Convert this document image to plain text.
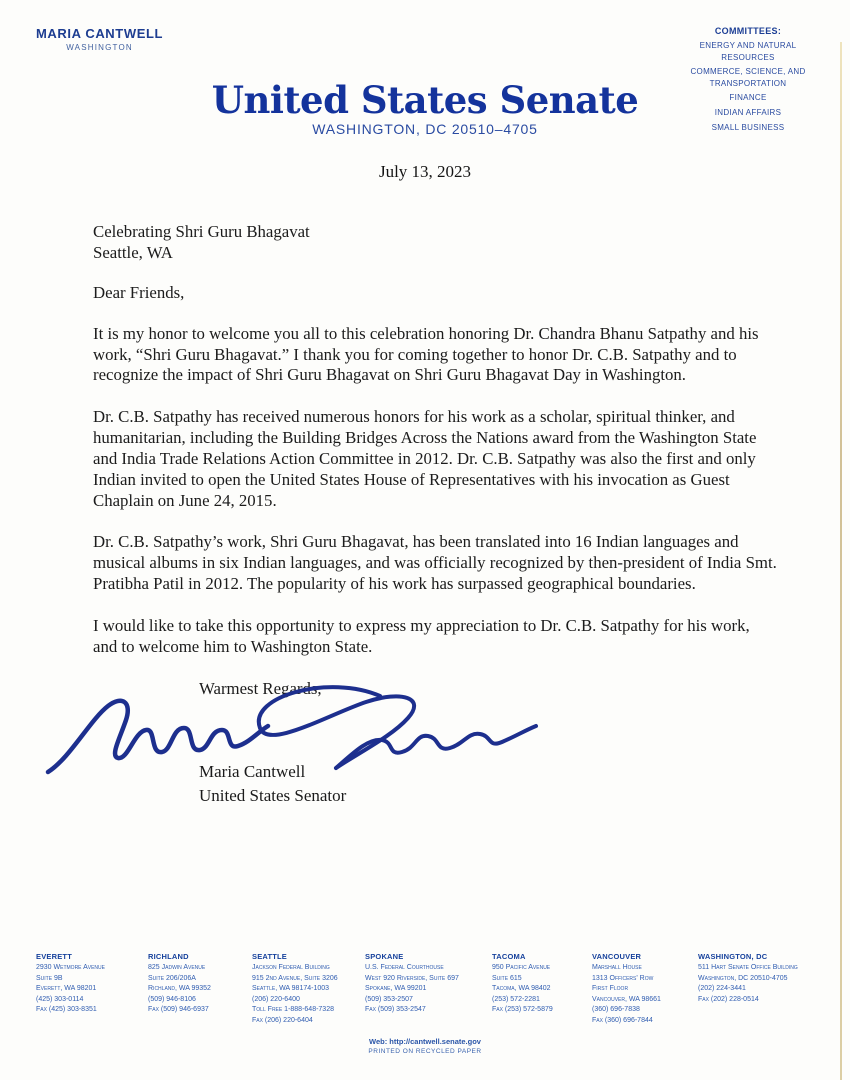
MARIA CANTWELL
WASHINGTON
COMMITTEES:
ENERGY AND NATURAL RESOURCES
COMMERCE, SCIENCE, AND TRANSPORTATION
FINANCE
INDIAN AFFAIRS
SMALL BUSINESS
United States Senate
WASHINGTON, DC 20510–4705
July 13, 2023
Celebrating Shri Guru Bhagavat
Seattle, WA

Dear Friends,

It is my honor to welcome you all to this celebration honoring Dr. Chandra Bhanu Satpathy and his work, “Shri Guru Bhagavat.” I thank you for coming together to honor Dr. C.B. Satpathy and to recognize the impact of Shri Guru Bhagavat on Shri Guru Bhagavat Day in Washington.

Dr. C.B. Satpathy has received numerous honors for his work as a scholar, spiritual thinker, and humanitarian, including the Building Bridges Across the Nations award from the Washington State and India Trade Relations Action Committee in 2012. Dr. C.B. Satpathy was also the first and only Indian invited to open the United States House of Representatives with his invocation as Guest Chaplain on June 24, 2015.

Dr. C.B. Satpathy’s work, Shri Guru Bhagavat, has been translated into 16 Indian languages and musical albums in six Indian languages, and was officially recognized by then-president of India Smt. Pratibha Patil in 2012. The popularity of his work has surpassed geographical boundaries.

I would like to take this opportunity to express my appreciation to Dr. C.B. Satpathy for his work, and to welcome him to Washington State.

Warmest Regards,

Maria Cantwell
United States Senator
EVERETT
2930 Wetmore Avenue
Suite 9B
Everett, WA 98201
(425) 303-0114
Fax (425) 303-8351
RICHLAND
825 Jadwin Avenue
Suite 206/206A
Richland, WA 99352
(509) 946-8106
Fax (509) 946-6937
SEATTLE
Jackson Federal Building
915 2nd Avenue, Suite 3206
Seattle, WA 98174-1003
(206) 220-6400
Toll Free 1-888-648-7328
Fax (206) 220-6404
SPOKANE
U.S. Federal Courthouse
West 920 Riverside, Suite 697
Spokane, WA 99201
(509) 353-2507
Fax (509) 353-2547
TACOMA
950 Pacific Avenue
Suite 615
Tacoma, WA 98402
(253) 572-2281
Fax (253) 572-5879
VANCOUVER
Marshall House
1313 Officers' Row
First Floor
Vancouver, WA 98661
(360) 696-7838
Fax (360) 696-7844
WASHINGTON, DC
511 Hart Senate Office Building
Washington, DC 20510-4705
(202) 224-3441
Fax (202) 228-0514
Web: http://cantwell.senate.gov
PRINTED ON RECYCLED PAPER
